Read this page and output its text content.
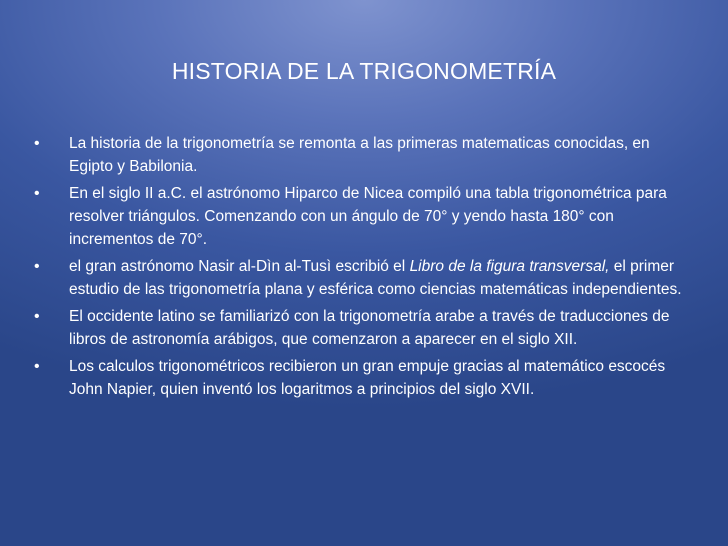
HISTORIA DE LA TRIGONOMETRÍA
• La historia de la trigonometría se remonta a las primeras matematicas conocidas, en Egipto y Babilonia.
• En el siglo II a.C. el astrónomo Hiparco de Nicea compiló una tabla trigonométrica para resolver triángulos. Comenzando con un ángulo de 70° y yendo hasta 180° con incrementos de 70°.
• el gran astrónomo Nasir al-Dìn al-Tusì escribió el Libro de la figura transversal, el primer estudio de las trigonometría plana y esférica como ciencias matemáticas independientes.
• El occidente latino se familiarizó con la trigonometría arabe a través de traducciones de libros de astronomía arábigos, que comenzaron a aparecer en el siglo XII.
• Los calculos trigonométricos recibieron un gran empuje gracias al matemático escocés John Napier, quien inventó los logaritmos a principios del siglo XVII.
